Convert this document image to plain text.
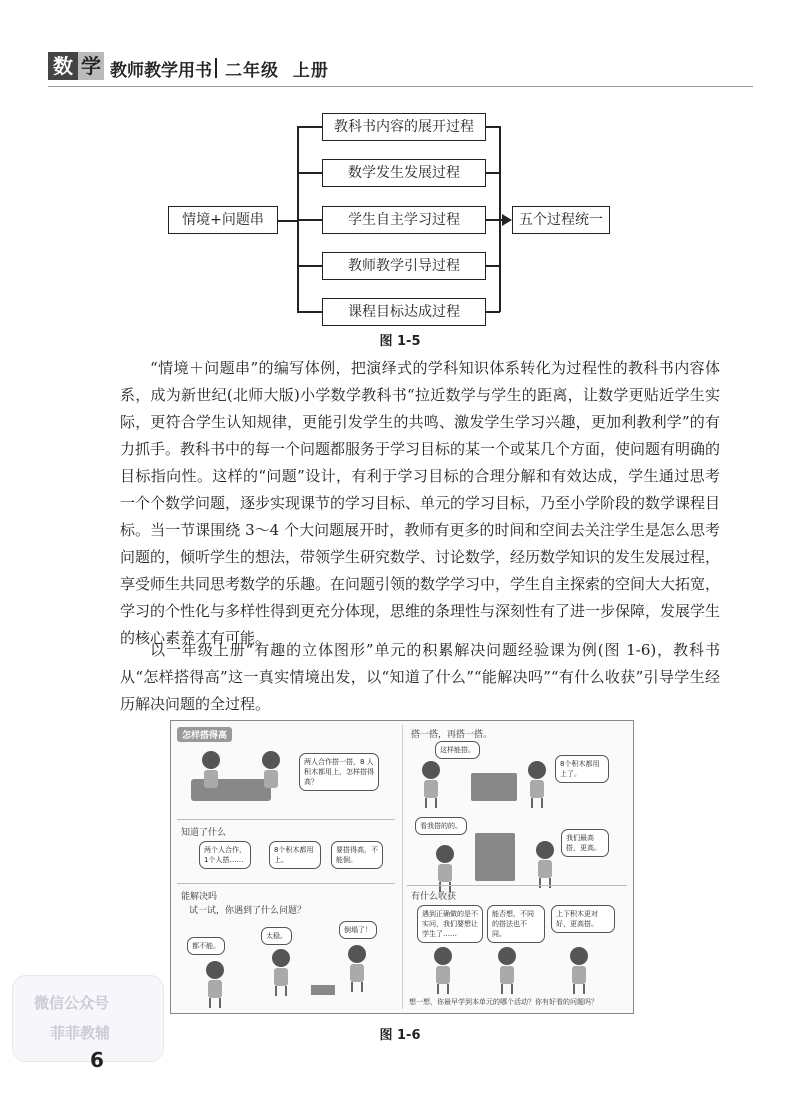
数 学 教师教学用书 二年级  上册
情境+问题串
教科书内容的展开过程
数学发生发展过程
学生自主学习过程
教师教学引导过程
课程目标达成过程
五个过程统一
图 1-5
“情境＋问题串”的编写体例，把演绎式的学科知识体系转化为过程性的教科书内容体系，成为新世纪(北师大版)小学数学教科书“拉近数学与学生的距离，让数学更贴近学生实际，更符合学生认知规律，更能引发学生的共鸣、激发学生学习兴趣，更加利教利学”的有力抓手。教科书中的每一个问题都服务于学习目标的某一个或某几个方面，使问题有明确的目标指向性。这样的“问题”设计，有利于学习目标的合理分解和有效达成，学生通过思考一个个数学问题，逐步实现课节的学习目标、单元的学习目标，乃至小学阶段的数学课程目标。当一节课围绕 3～4 个大问题展开时，教师有更多的时间和空间去关注学生是怎么思考问题的，倾听学生的想法，带领学生研究数学、讨论数学，经历数学知识的发生发展过程，享受师生共同思考数学的乐趣。在问题引领的数学学习中，学生自主探索的空间大大拓宽，学习的个性化与多样性得到更充分体现，思维的条理性与深刻性有了进一步保障，发展学生的核心素养才有可能。
以一年级上册“有趣的立体图形”单元的积累解决问题经验课为例(图 1-6)，教科书从“怎样搭得高”这一真实情境出发，以“知道了什么”“能解决吗”“有什么收获”引导学生经历解决问题的全过程。
怎样搭得高
两人合作搭一搭，8 人积木都用上，怎样搭得高？
知道了什么
两个人合作，1个人搭……
8个积木都用上。
要搭得高，不能倒。
能解决吗
试一试，你遇到了什么问题？
都不能。
太稳。
倒塌了！
搭一搭，再搭一搭。
这样能搭。
8个积木都用上了。
看我搭的的。
我们最高搭，更高。
有什么收获
遇到正确做的是不实问，我们要想让学生了……
能否想，不同的搭法也不同。
上下积木更对好，更高搭。
想一想，你最早学到本单元的哪个活动？你有好看的问题吗？
图 1-6
微信公众号
菲菲教辅
6
